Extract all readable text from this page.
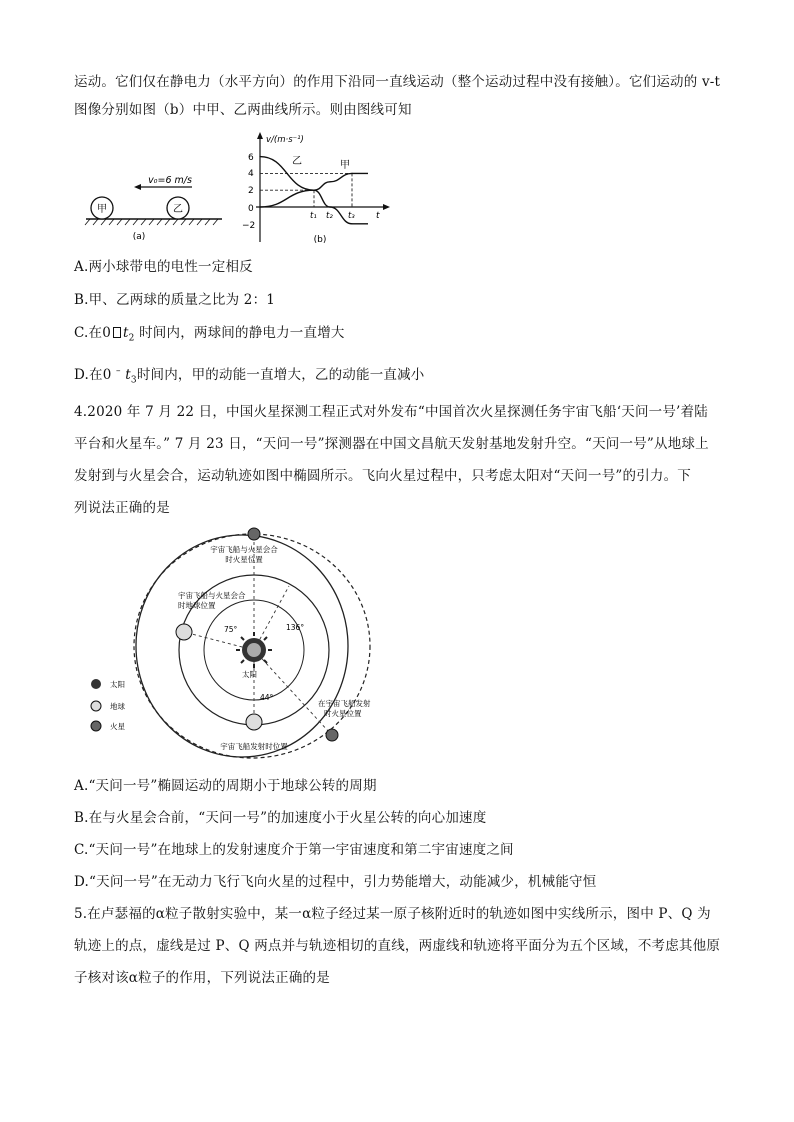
运动。它们仅在静电力（水平方向）的作用下沿同一直线运动（整个运动过程中没有接触）。它们运动的 v-t
图像分别如图（b）中甲、乙两曲线所示。则由图线可知
甲	乙
v₀=6 m/s
(a)
v/(m·s⁻¹)
t
6
4
2
0
−2
t₁ t₂ t₃
乙	甲
(b)
A.两小球带电的电性一定相反
B.甲、乙两球的质量之比为 2：1
C.在0 $t_2$ 时间内，两球间的静电力一直增大
D.在0 – $t_3$时间内，甲的动能一直增大，乙的动能一直减小
4.2020 年 7 月 22 日，中国火星探测工程正式对外发布“中国首次火星探测任务宇宙飞船‘天问一号’着陆
平台和火星车。” 7 月 23 日，“天问一号”探测器在中国文昌航天发射基地发射升空。“天问一号”从地球上
发射到与火星会合，运动轨迹如图中椭圆所示。飞向火星过程中，只考虑太阳对“天问一号”的引力。下
列说法正确的是
宇宙飞船与火星会合
时火星位置
宇宙飞船与火星会合
时地球位置
在宇宙飞船发射
时火星位置
宇宙飞船发射时位置
太阳
75°	136°
44°
太阳
地球
火星
A.“天问一号”椭圆运动的周期小于地球公转的周期
B.在与火星会合前，“天问一号”的加速度小于火星公转的向心加速度
C.“天问一号”在地球上的发射速度介于第一宇宙速度和第二宇宙速度之间
D.“天问一号”在无动力飞行飞向火星的过程中，引力势能增大，动能减少，机械能守恒
5.在卢瑟福的α粒子散射实验中，某一α粒子经过某一原子核附近时的轨迹如图中实线所示，图中 P、Q 为
轨迹上的点，虚线是过 P、Q 两点并与轨迹相切的直线，两虚线和轨迹将平面分为五个区域，不考虑其他原
子核对该α粒子的作用，下列说法正确的是
